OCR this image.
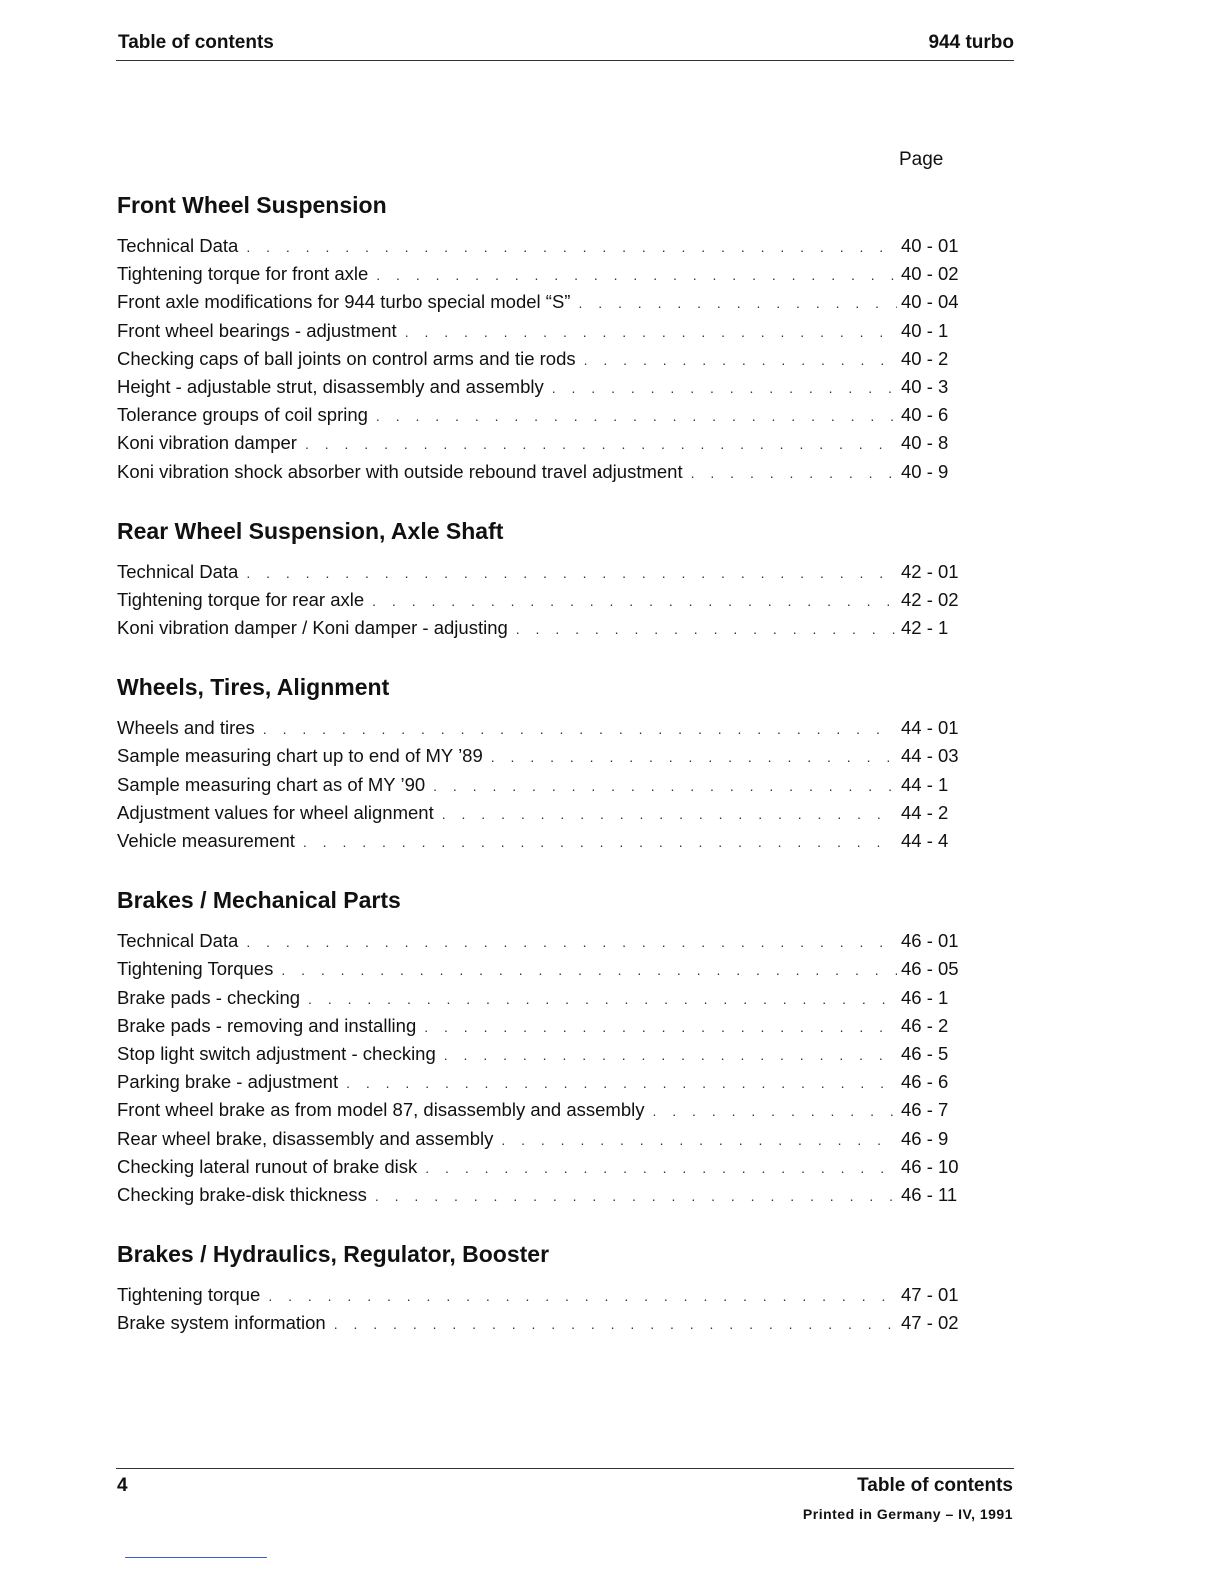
Table of contents	944 turbo
Page
Front Wheel Suspension
Technical Data . . .	40 - 01
Tightening torque for front axle . . .	40 - 02
Front axle modifications for 944 turbo special model “S” . . .	40 - 04
Front wheel bearings - adjustment . . .	40 - 1
Checking caps of ball joints on control arms and tie rods . . .	40 - 2
Height - adjustable strut, disassembly and assembly . . .	40 - 3
Tolerance groups of coil spring . . .	40 - 6
Koni vibration damper . . .	40 - 8
Koni vibration shock absorber with outside rebound travel adjustment . . .	40 - 9
Rear Wheel Suspension, Axle Shaft
Technical Data . . .	42 - 01
Tightening torque for rear axle . . .	42 - 02
Koni vibration damper / Koni damper - adjusting . . .	42 - 1
Wheels, Tires, Alignment
Wheels and tires . . .	44 - 01
Sample measuring chart up to end of MY ’89 . . .	44 - 03
Sample measuring chart as of MY ’90 . . .	44 - 1
Adjustment values for wheel alignment . . .	44 - 2
Vehicle measurement . . .	44 - 4
Brakes / Mechanical Parts
Technical Data . . .	46 - 01
Tightening Torques . . .	46 - 05
Brake pads - checking . . .	46 - 1
Brake pads - removing and installing . . .	46 - 2
Stop light switch adjustment - checking . . .	46 - 5
Parking brake - adjustment . . .	46 - 6
Front wheel brake as from model 87, disassembly and assembly . . .	46 - 7
Rear wheel brake, disassembly and assembly . . .	46 - 9
Checking lateral runout of brake disk . . .	46 - 10
Checking brake-disk thickness . . .	46 - 11
Brakes / Hydraulics, Regulator, Booster
Tightening torque . . .	47 - 01
Brake system information . . .	47 - 02
4	Table of contents
Printed in Germany – IV, 1991
